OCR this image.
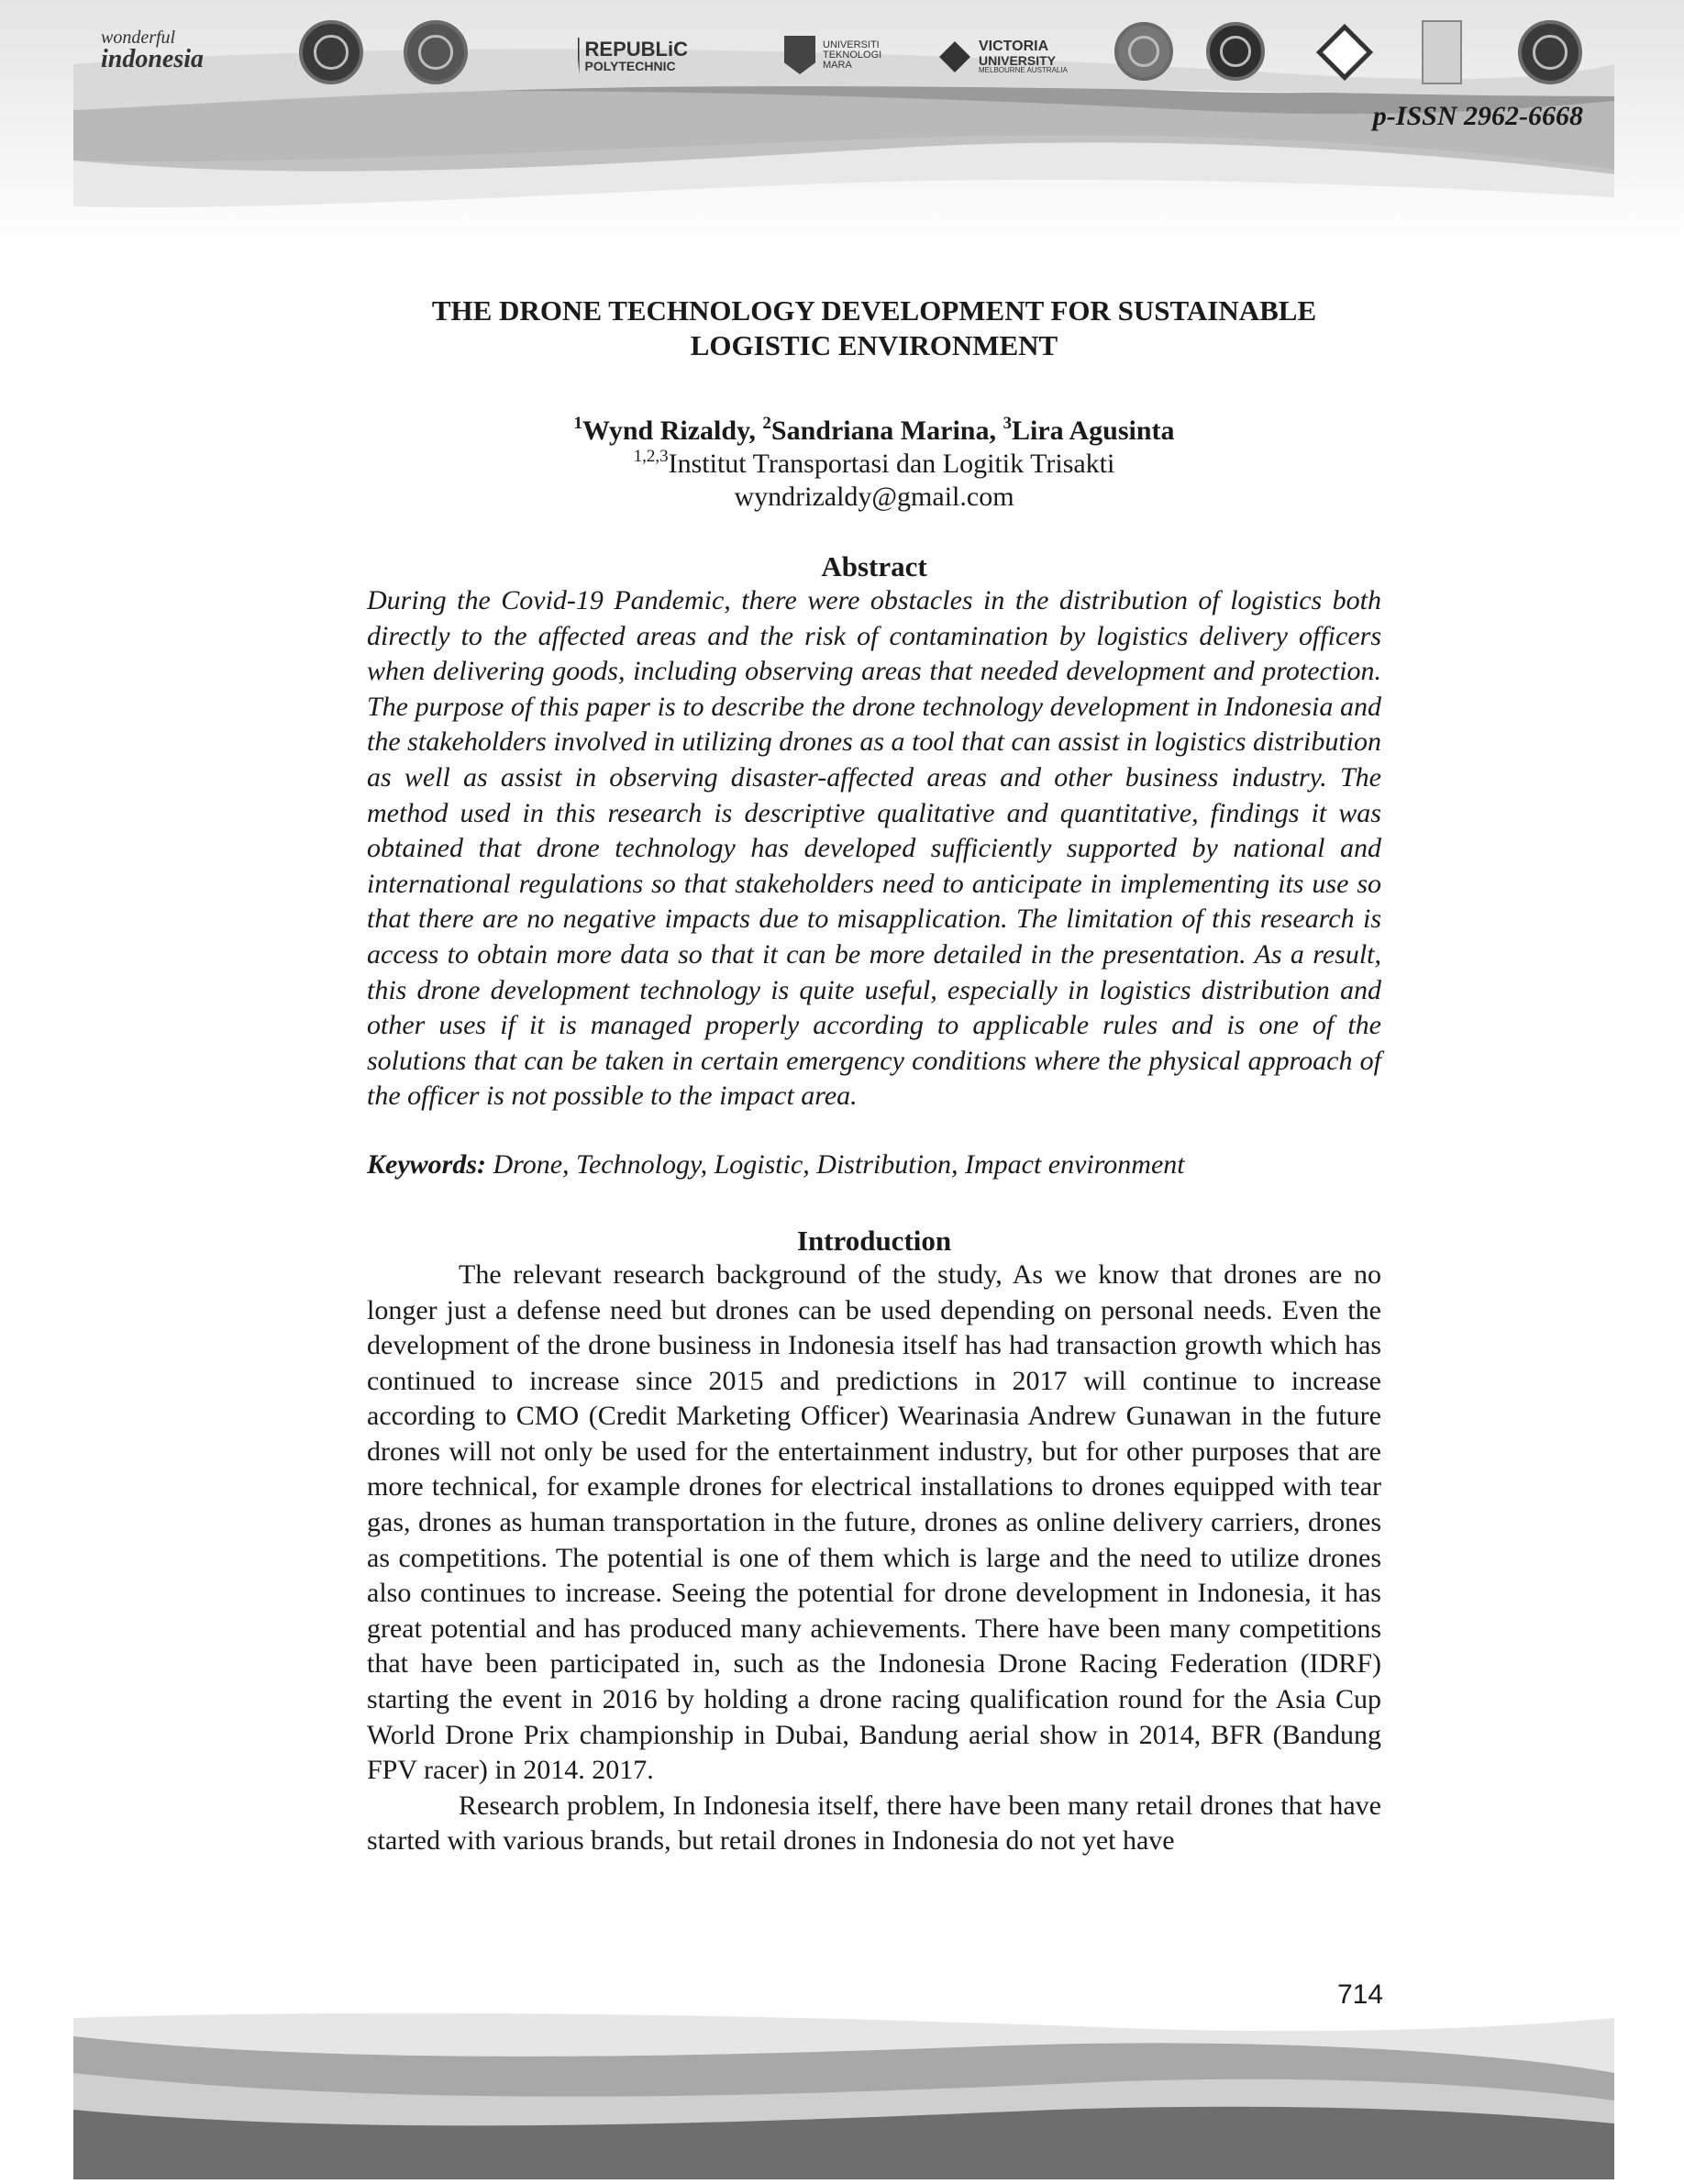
wonderful
indonesia	REPUBLiC
POLYTECHNIC
UNIVERSITI
TEKNOLOGI
MARA
VICTORIA
UNIVERSITY
MELBOURNE AUSTRALIA
p-ISSN 2962-6668
THE DRONE TECHNOLOGY DEVELOPMENT FOR SUSTAINABLE
LOGISTIC ENVIRONMENT
$^1$Wynd Rizaldy, $^2$Sandriana Marina, $^3$Lira Agusinta
$^{1,2,3}$Institut Transportasi dan Logitik Trisakti
wyndrizaldy@gmail.com
Abstract

During the Covid-19 Pandemic, there were obstacles in the distribution of logistics both directly to the affected areas and the risk of contamination by logistics delivery officers when delivering goods, including observing areas that needed development and protection. The purpose of this paper is to describe the drone technology development in Indonesia and the stakeholders involved in utilizing drones as a tool that can assist in logistics distribution as well as assist in observing disaster-affected areas and other business industry. The method used in this research is descriptive qualitative and quantitative, findings it was obtained that drone technology has developed sufficiently supported by national and international regulations so that stakeholders need to anticipate in implementing its use so that there are no negative impacts due to misapplication. The limitation of this research is access to obtain more data so that it can be more detailed in the presentation. As a result, this drone development technology is quite useful, especially in logistics distribution and other uses if it is managed properly according to applicable rules and is one of the solutions that can be taken in certain emergency conditions where the physical approach of the officer is not possible to the impact area.

Keywords: Drone, Technology, Logistic, Distribution, Impact environment
Introduction

The relevant research background of the study, As we know that drones are no longer just a defense need but drones can be used depending on personal needs. Even the development of the drone business in Indonesia itself has had transaction growth which has continued to increase since 2015 and predictions in 2017 will continue to increase according to CMO (Credit Marketing Officer) Wearinasia Andrew Gunawan in the future drones will not only be used for the entertainment industry, but for other purposes that are more technical, for example drones for electrical installations to drones equipped with tear gas, drones as human transportation in the future, drones as online delivery carriers, drones as competitions. The potential is one of them which is large and the need to utilize drones also continues to increase. Seeing the potential for drone development in Indonesia, it has great potential and has produced many achievements. There have been many competitions that have been participated in, such as the Indonesia Drone Racing Federation (IDRF) starting the event in 2016 by holding a drone racing qualification round for the Asia Cup World Drone Prix championship in Dubai, Bandung aerial show in 2014, BFR (Bandung FPV racer) in 2014. 2017.

Research problem, In Indonesia itself, there have been many retail drones that have started with various brands, but retail drones in Indonesia do not yet have

714
